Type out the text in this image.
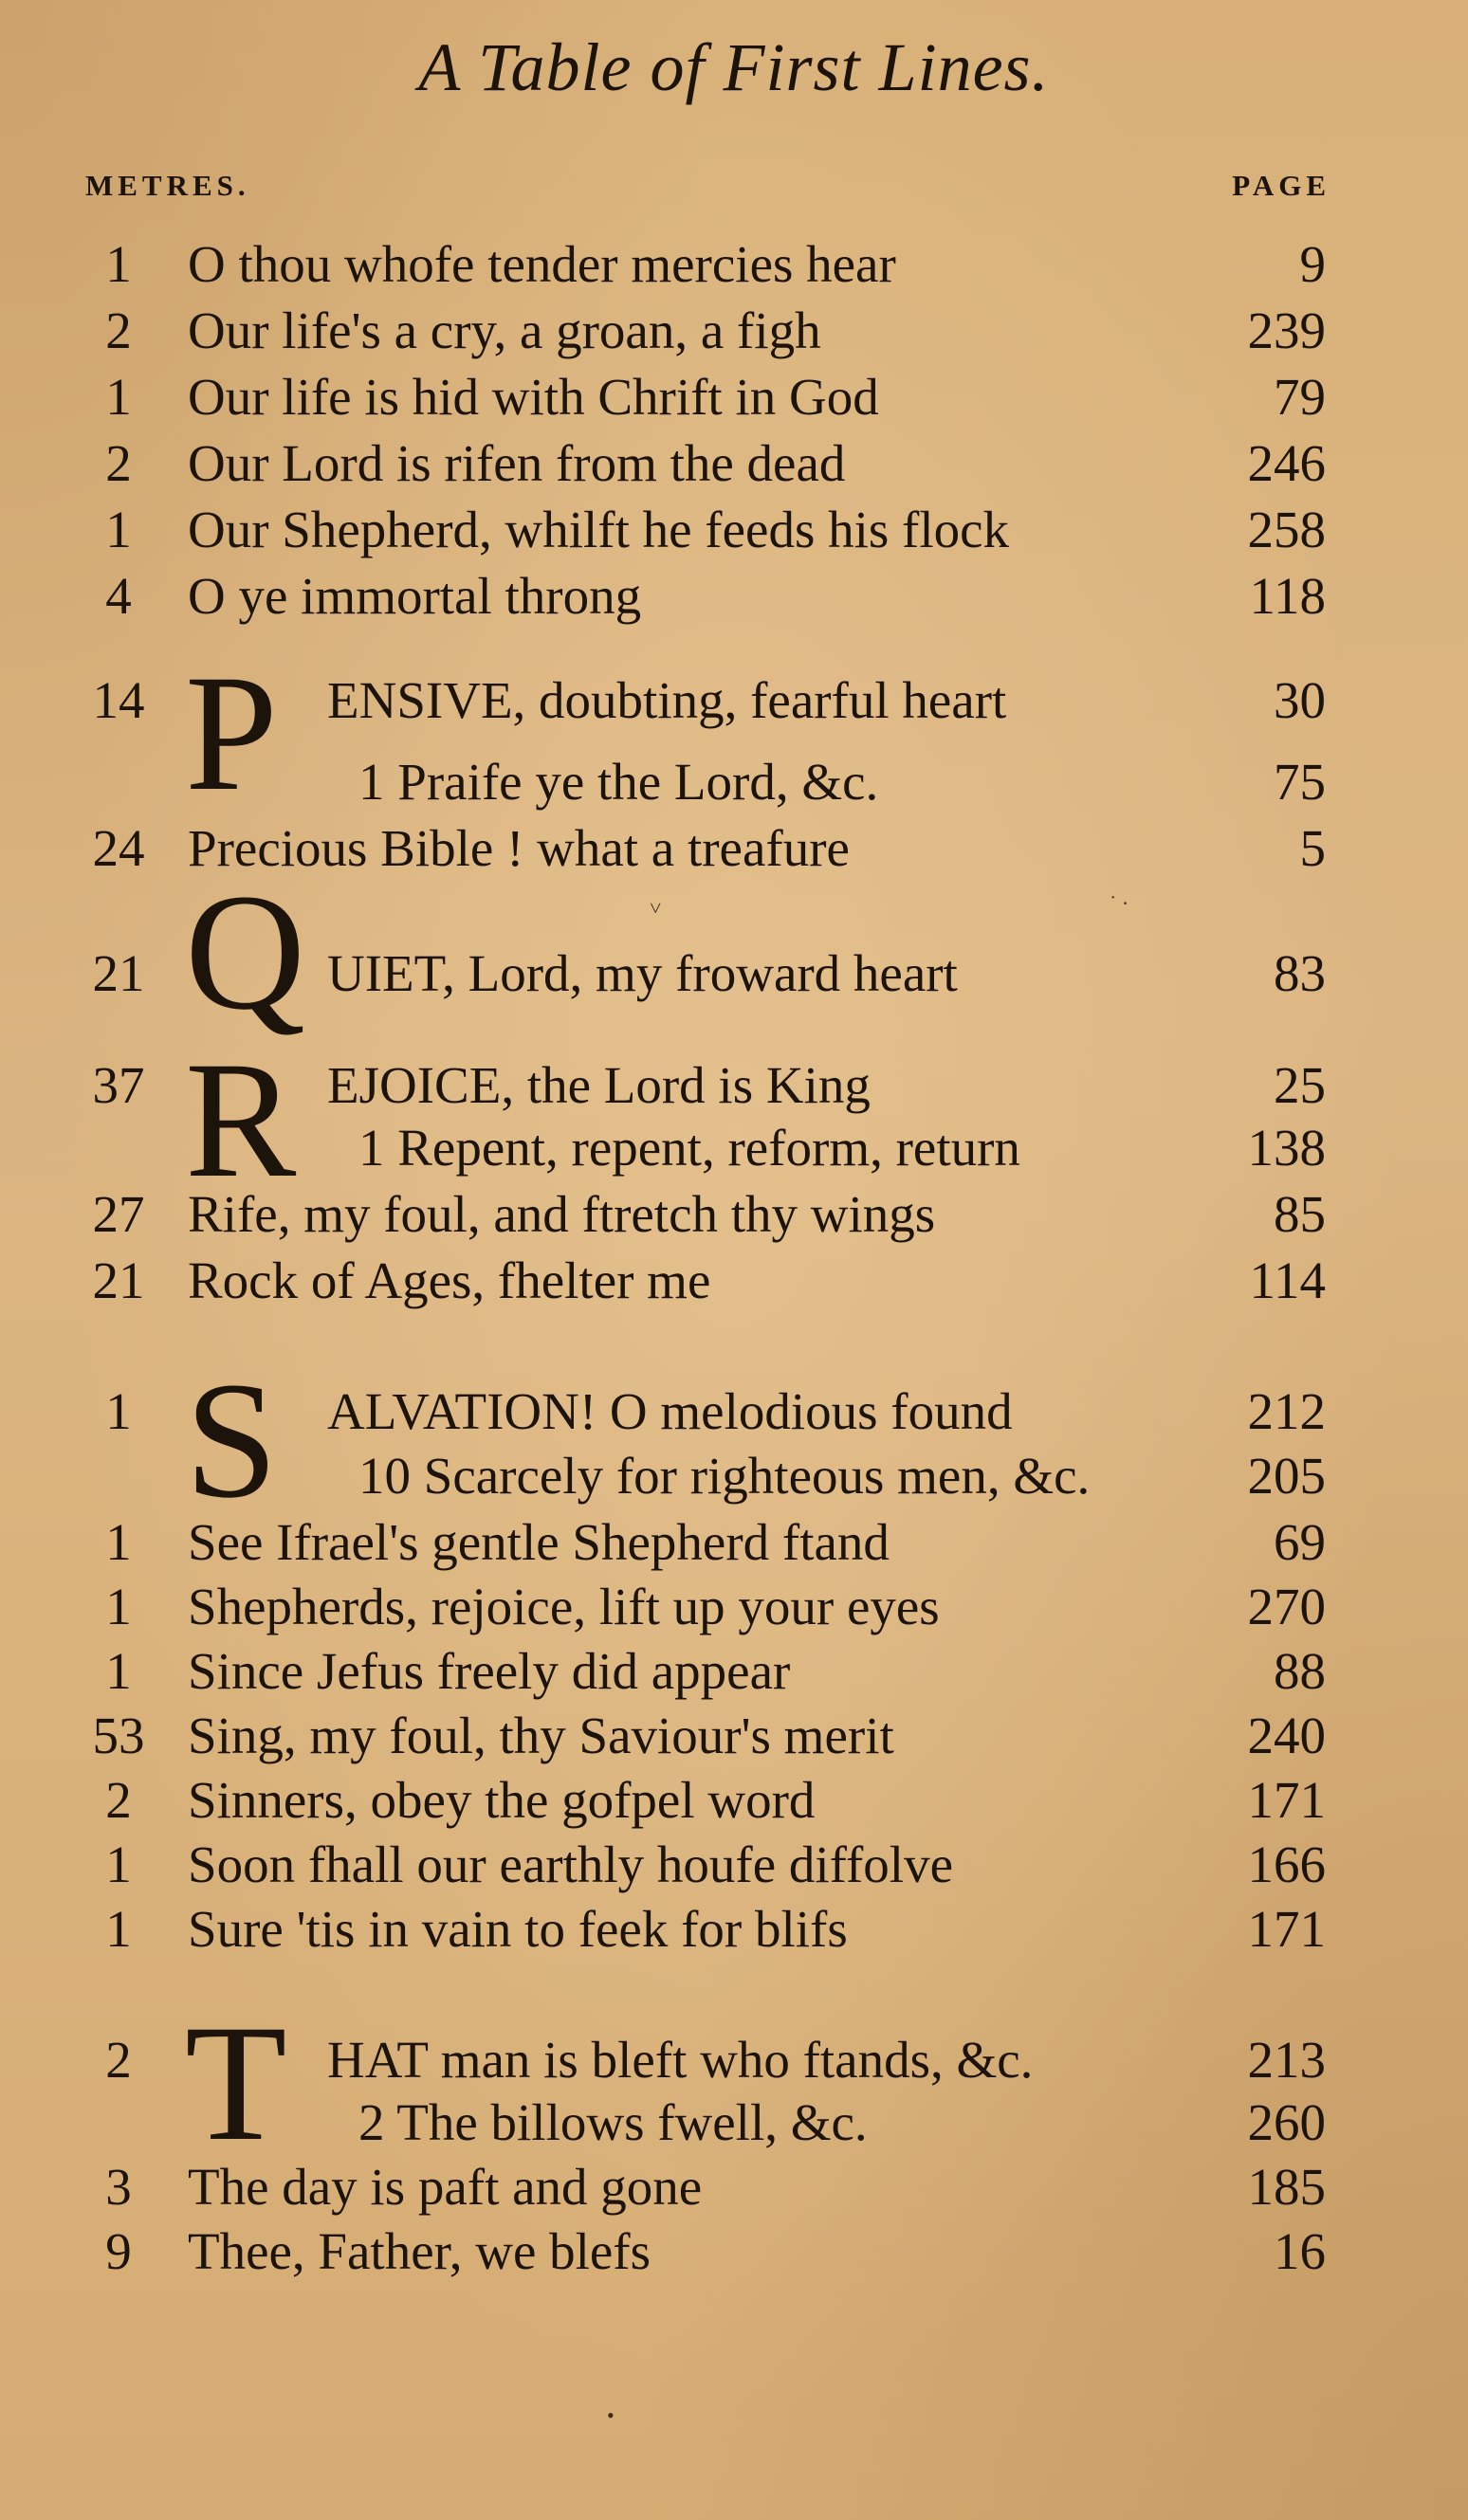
A Table of First Lines.
METRES.	PAGE
1	O thou whofe tender mercies hear	9
2	Our life's a cry, a groan, a figh	239
1	Our life is hid with Chrift in God	79
2	Our Lord is rifen from the dead	246
1	Our Shepherd, whilft he feeds his flock	258
4	O ye immortal throng	118
P
14	ENSIVE, doubting, fearful heart	30
1 Praife ye the Lord, &c.	75
24 Precious Bible ! what a treafure	5
˅	˙ ·
Q
21	UIET, Lord, my froward heart	83
R
37	EJOICE, the Lord is King	25
1 Repent, repent, reform, return	138
27 Rife, my foul, and ftretch thy wings	85
21 Rock of Ages, fhelter me	114
S
1	ALVATION! O melodious found	212
10 Scarcely for righteous men, &c.	205
1	See Ifrael's gentle Shepherd ftand	69
1	Shepherds, rejoice, lift up your eyes	270
1	Since Jefus freely did appear	88
53 Sing, my foul, thy Saviour's merit	240
2	Sinners, obey the gofpel word	171
1	Soon fhall our earthly houfe diffolve	166
1	Sure 'tis in vain to feek for blifs	171
T
2	HAT man is bleft who ftands, &c.	213
2 The billows fwell, &c.	260
3	The day is paft and gone	185
9	Thee, Father, we blefs	16
•
